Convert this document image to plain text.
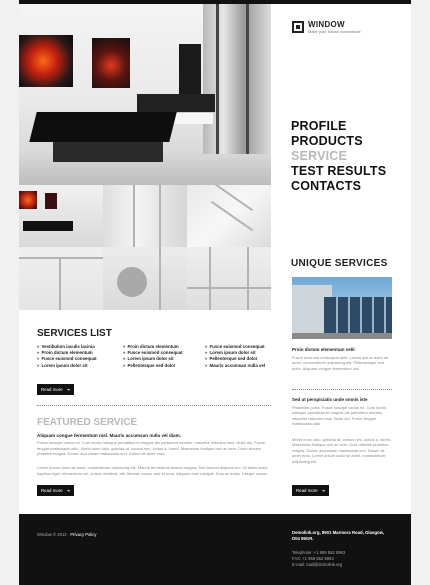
WINDOW
Make your house comfortable
PROFILE
PRODUCTS
SERVICE
TEST RESULTS
CONTACTS
UNIQUE SERVICES
Proin dictum elementum velit
Fusce euismod consequat ante. Lorem ipsum dolor sit amet, consectetuer adipiscing elit. Pellentesque sed dolor. Aliquam congue fermentum nisl.
Sed ut perspiciatis unde omnis iste
Phasellus porta. Fusce suscipit varius mi. Cum sociis natoque penatibus et magnis dis parturient montes, nascetur ridiculus mus. Nulla dui. Fusce feugiat malesuada odio.
Morbi nunc odio, gravida at, cursus nec, luctus a, lorem. Maecenas tristique orci ac sem. Duis ultricies pharetra magna. Donec accumsan malesuada orci. Donec sit amet eros. Lorem ipsum dolor sit amet, consectetuer adipiscing elit.
Read more ➜
SERVICES LIST
» Vestibulum iaculis lacinia
» Proin dictum elementum
» Fusce euismod consequat
» Lorem ipsum dolor sit
» Proin dictum elementum
» Fusce euismod consequat
» Lorem ipsum dolor sit
» Pellentesque sed dolor
» Fusce euismod consequat
» Lorem ipsum dolor sit
» Pellentesque sed dolor
» Mauris accumsan nulla vel
Read more ➜
FEATURED SERVICE
Aliquam congue fermentum nisl. Mauris accumsan nulla vel diam.
Fusce suscipit varius mi. Cum sociis natoque penatibus et magnis dis parturient montes, nascetur ridiculus mus. Nulla dui. Fusce feugiat malesuada odio. Morbi nunc odio, gravida at, cursus nec, luctus a, lorem. Maecenas tristique orci ac sem. Duis ultricies pharetra magna. Donec accumsan malesuada orci. Donec sit amet eros.
Lorem ipsum dolor sit amet, consectetuer adipiscing elit. Mauris fermentum dictum magna. Sed laoreet aliquam leo. Ut tellus dolor, dapibus eget, elementum vel, cursus eleifend, elit. Aenean auctor wisi et urna. Aliquam erat volutpat. Duis ac turpis. Integer rutrum
Read more ➜
Window © 2013 · Privacy Policy	Demolink.org, 8901 Marmora Road, Glasgow, D04 89GR.
Telephone: +1 959 552 5963
FAX: +1 959 552 5963
E-mail: mail@demolink.org
